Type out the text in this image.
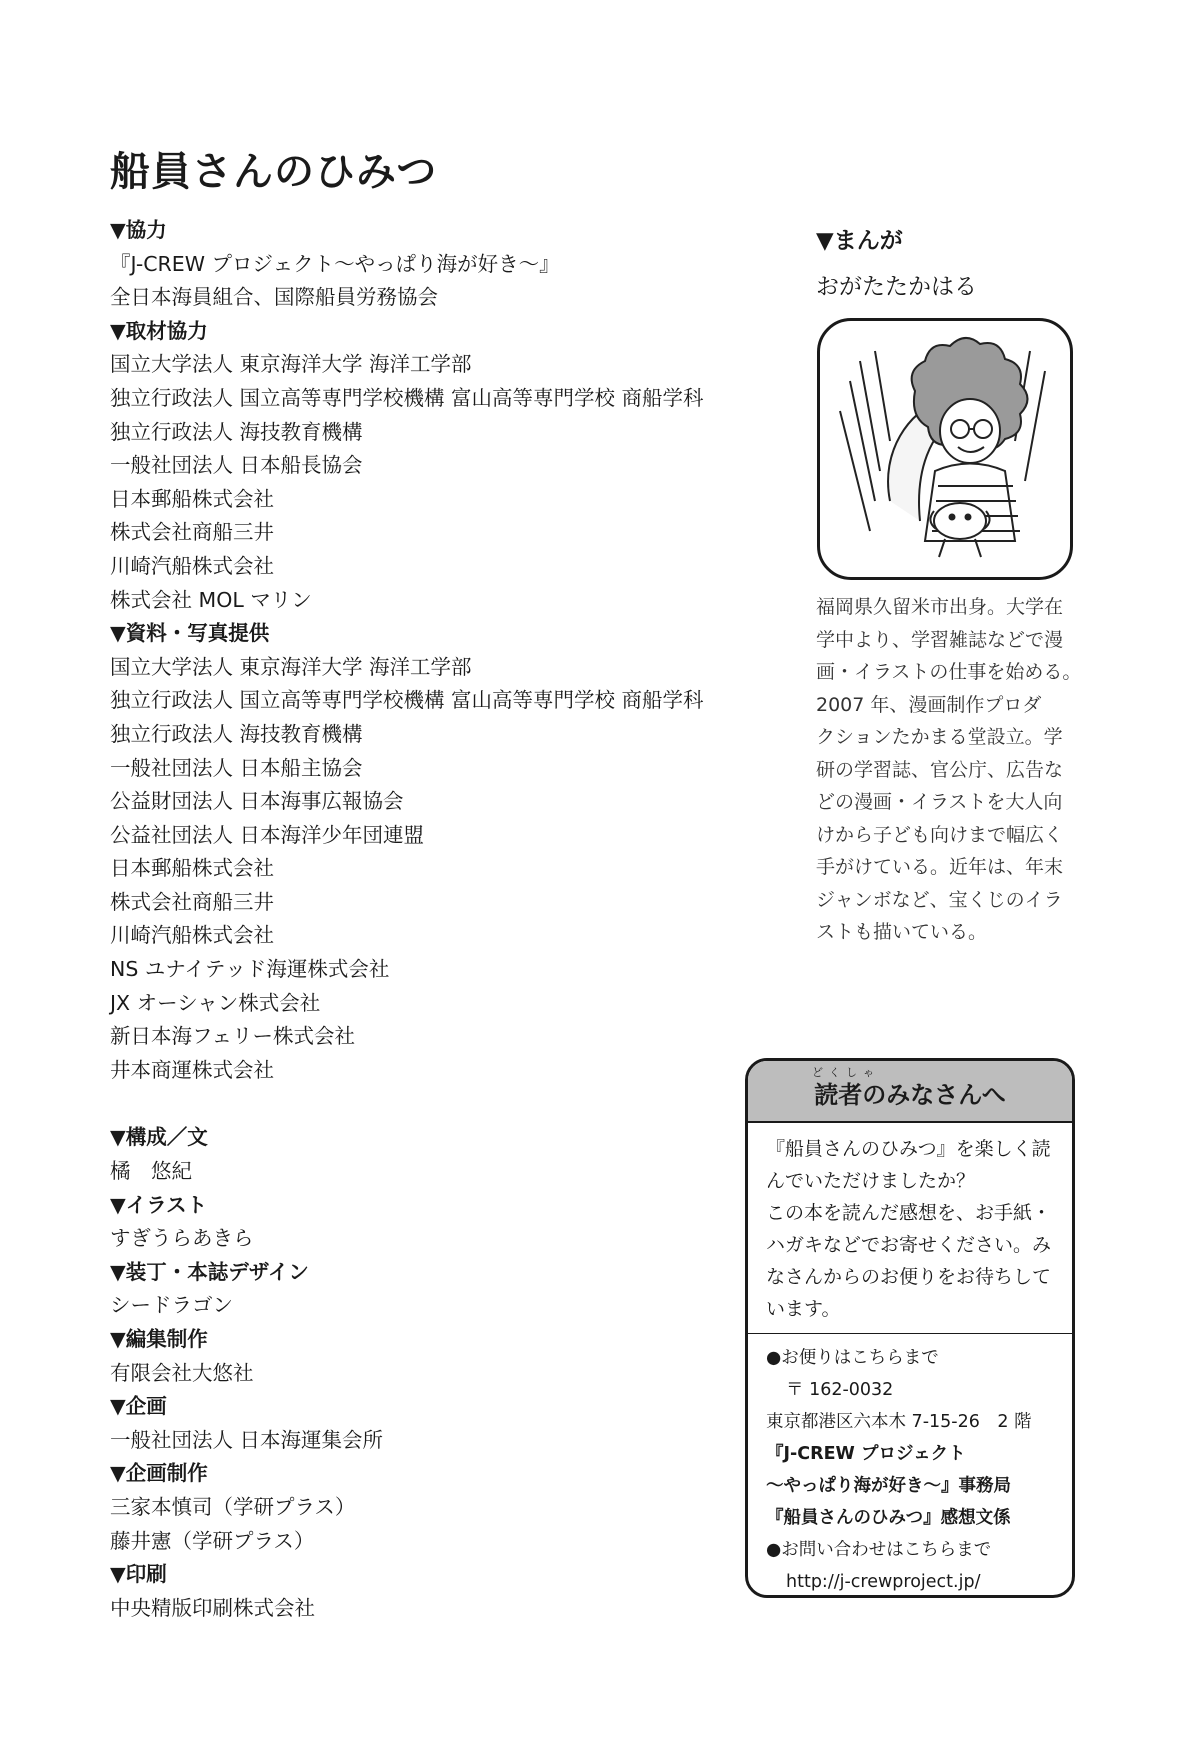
船員さんのひみつ
▼協力
『J-CREW プロジェクト〜やっぱり海が好き〜』
全日本海員組合、国際船員労務協会
▼取材協力
国立大学法人 東京海洋大学 海洋工学部
独立行政法人 国立高等専門学校機構 富山高等専門学校 商船学科
独立行政法人 海技教育機構
一般社団法人 日本船長協会
日本郵船株式会社
株式会社商船三井
川崎汽船株式会社
株式会社 MOL マリン
▼資料・写真提供
国立大学法人 東京海洋大学 海洋工学部
独立行政法人 国立高等専門学校機構 富山高等専門学校 商船学科
独立行政法人 海技教育機構
一般社団法人 日本船主協会
公益財団法人 日本海事広報協会
公益社団法人 日本海洋少年団連盟
日本郵船株式会社
株式会社商船三井
川崎汽船株式会社
NS ユナイテッド海運株式会社
JX オーシャン株式会社
新日本海フェリー株式会社
井本商運株式会社
▼構成／文
橘　悠紀
▼イラスト
すぎうらあきら
▼装丁・本誌デザイン
シードラゴン
▼編集制作
有限会社大悠社
▼企画
一般社団法人 日本海運集会所
▼企画制作
三家本慎司（学研プラス）
藤井憲（学研プラス）
▼印刷
中央精版印刷株式会社
▼まんが
おがたたかはる
福岡県久留米市出身。大学在
学中より、学習雑誌などで漫
画・イラストの仕事を始める。
2007 年、漫画制作プロダ
クションたかまる堂設立。学
研の学習誌、官公庁、広告な
どの漫画・イラストを大人向
けから子ども向けまで幅広く
手がけている。近年は、年末
ジャンボなど、宝くじのイラ
ストも描いている。
どくしゃ
読者のみなさんへ
『船員さんのひみつ』を楽しく読
んでいただけましたか？
この本を読んだ感想を、お手紙・
ハガキなどでお寄せください。み
なさんからのお便りをお待ちして
います。

●お便りはこちらまで

〒 162-0032

東京都港区六本木 7-15-26　2 階

『J-CREW プロジェクト

〜やっぱり海が好き〜』事務局

『船員さんのひみつ』感想文係

●お問い合わせはこちらまで

http://j-crewproject.jp/
